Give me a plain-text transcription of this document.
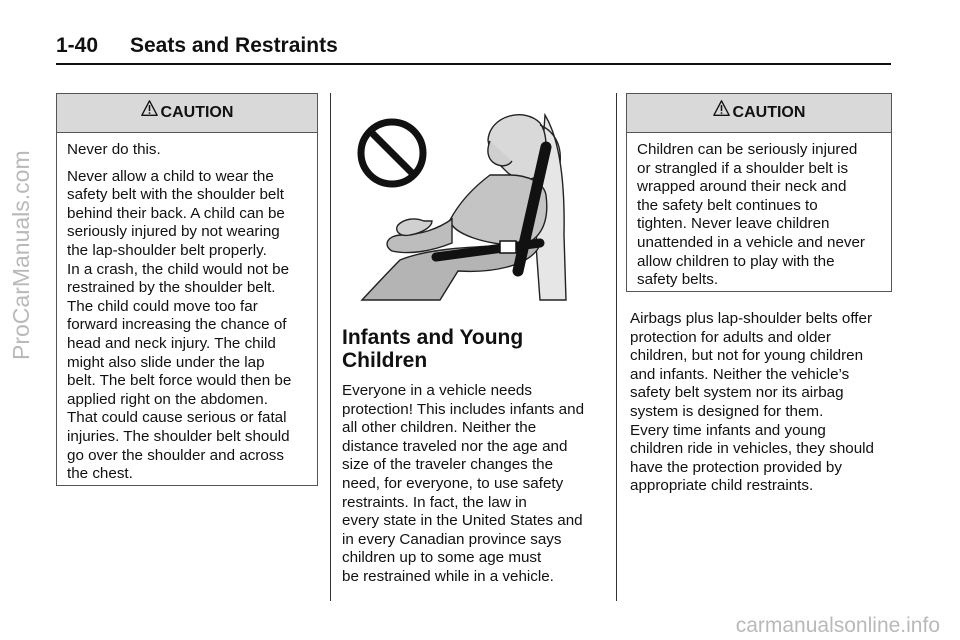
1-40 Seats and Restraints
CAUTION

Never do this.

Never allow a child to wear the
safety belt with the shoulder belt
behind their back. A child can be
seriously injured by not wearing
the lap-shoulder belt properly.
In a crash, the child would not be
restrained by the shoulder belt.
The child could move too far
forward increasing the chance of
head and neck injury. The child
might also slide under the lap
belt. The belt force would then be
applied right on the abdomen.
That could cause serious or fatal
injuries. The shoulder belt should
go over the shoulder and across
the chest.

Infants and Young
Children
Everyone in a vehicle needs
protection! This includes infants and
all other children. Neither the
distance traveled nor the age and
size of the traveler changes the
need, for everyone, to use safety
restraints. In fact, the law in
every state in the United States and
in every Canadian province says
children up to some age must
be restrained while in a vehicle.
CAUTION

Children can be seriously injured
or strangled if a shoulder belt is
wrapped around their neck and
the safety belt continues to
tighten. Never leave children
unattended in a vehicle and never
allow children to play with the
safety belts.

Airbags plus lap-shoulder belts offer
protection for adults and older
children, but not for young children
and infants. Neither the vehicle’s
safety belt system nor its airbag
system is designed for them.
Every time infants and young
children ride in vehicles, they should
have the protection provided by
appropriate child restraints.
ProCarManuals.com
carmanualsonline.info
